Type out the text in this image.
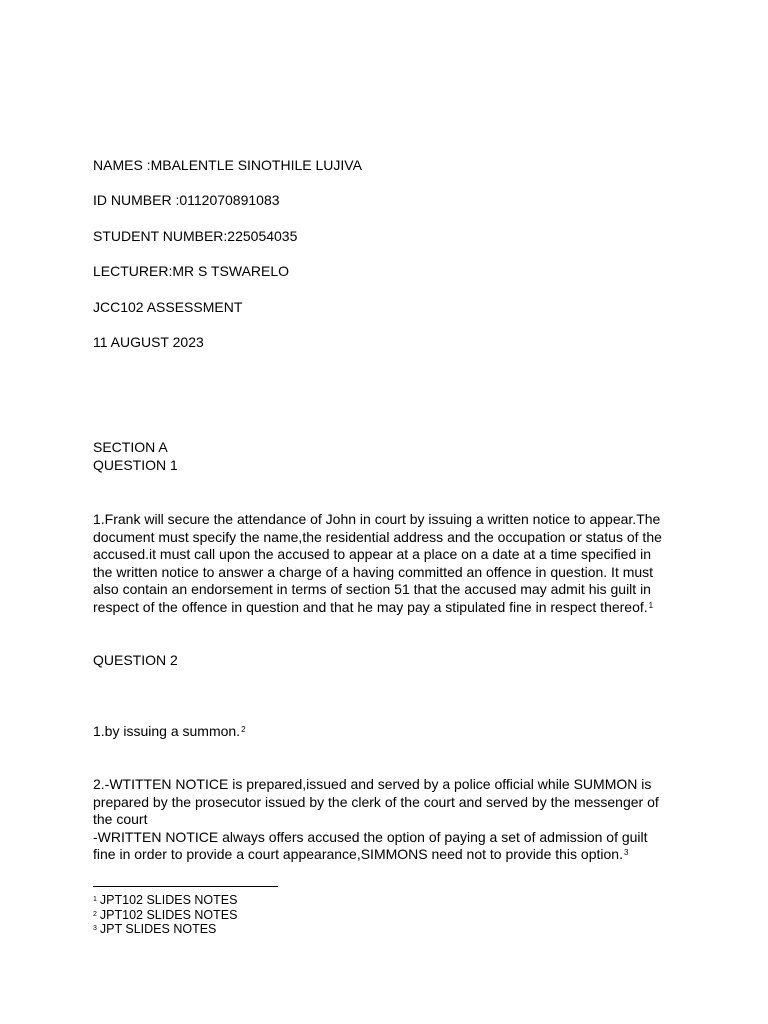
NAMES :MBALENTLE SINOTHILE LUJIVA
ID NUMBER :0112070891083
STUDENT NUMBER:225054035
LECTURER:MR S TSWARELO
JCC102 ASSESSMENT
11 AUGUST 2023
SECTION A
QUESTION 1
1.Frank will secure the attendance of John in court by issuing a written notice to appear.The
document must specify the name,the residential address and the occupation or status of the
accused.it must call upon the accused to appear at a place on a date at a time specified in
the written notice to answer a charge of a having committed an offence in question. It must
also contain an endorsement in terms of section 51 that the accused may admit his guilt in
respect of the offence in question and that he may pay a stipulated fine in respect thereof.$^1$
QUESTION 2
1.by issuing a summon.$^2$
2.-WTITTEN NOTICE is prepared,issued and served by a police official while SUMMON is
prepared by the prosecutor issued by the clerk of the court and served by the messenger of
the court
-WRITTEN NOTICE always offers accused the option of paying a set of admission of guilt
fine in order to provide a court appearance,SIMMONS need not to provide this option.$^3$
$^1$ JPT102 SLIDES NOTES
$^2$ JPT102 SLIDES NOTES
$^3$ JPT SLIDES NOTES
